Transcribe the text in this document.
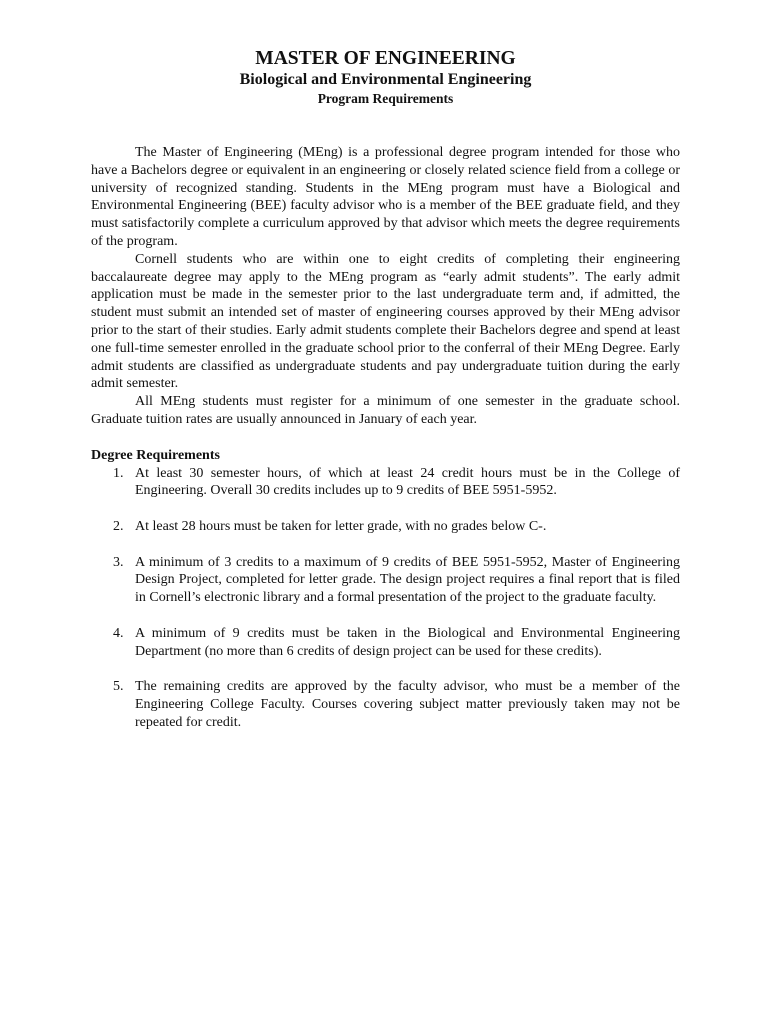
MASTER OF ENGINEERING
Biological and Environmental Engineering
Program Requirements

The Master of Engineering (MEng) is a professional degree program intended for those who have a Bachelors degree or equivalent in an engineering or closely related science field from a college or university of recognized standing. Students in the MEng program must have a Biological and Environmental Engineering (BEE) faculty advisor who is a member of the BEE graduate field, and they must satisfactorily complete a curriculum approved by that advisor which meets the degree requirements of the program.

Cornell students who are within one to eight credits of completing their engineering baccalaureate degree may apply to the MEng program as “early admit students”. The early admit application must be made in the semester prior to the last undergraduate term and, if admitted, the student must submit an intended set of master of engineering courses approved by their MEng advisor prior to the start of their studies. Early admit students complete their Bachelors degree and spend at least one full-time semester enrolled in the graduate school prior to the conferral of their MEng Degree. Early admit students are classified as undergraduate students and pay undergraduate tuition during the early admit semester.

All MEng students must register for a minimum of one semester in the graduate school. Graduate tuition rates are usually announced in January of each year.

Degree Requirements
1. At least 30 semester hours, of which at least 24 credit hours must be in the College of Engineering. Overall 30 credits includes up to 9 credits of BEE 5951-5952.
2. At least 28 hours must be taken for letter grade, with no grades below C-.
3. A minimum of 3 credits to a maximum of 9 credits of BEE 5951-5952, Master of Engineering Design Project, completed for letter grade. The design project requires a final report that is filed in Cornell’s electronic library and a formal presentation of the project to the graduate faculty.
4. A minimum of 9 credits must be taken in the Biological and Environmental Engineering Department (no more than 6 credits of design project can be used for these credits).
5. The remaining credits are approved by the faculty advisor, who must be a member of the Engineering College Faculty. Courses covering subject matter previously taken may not be repeated for credit.
